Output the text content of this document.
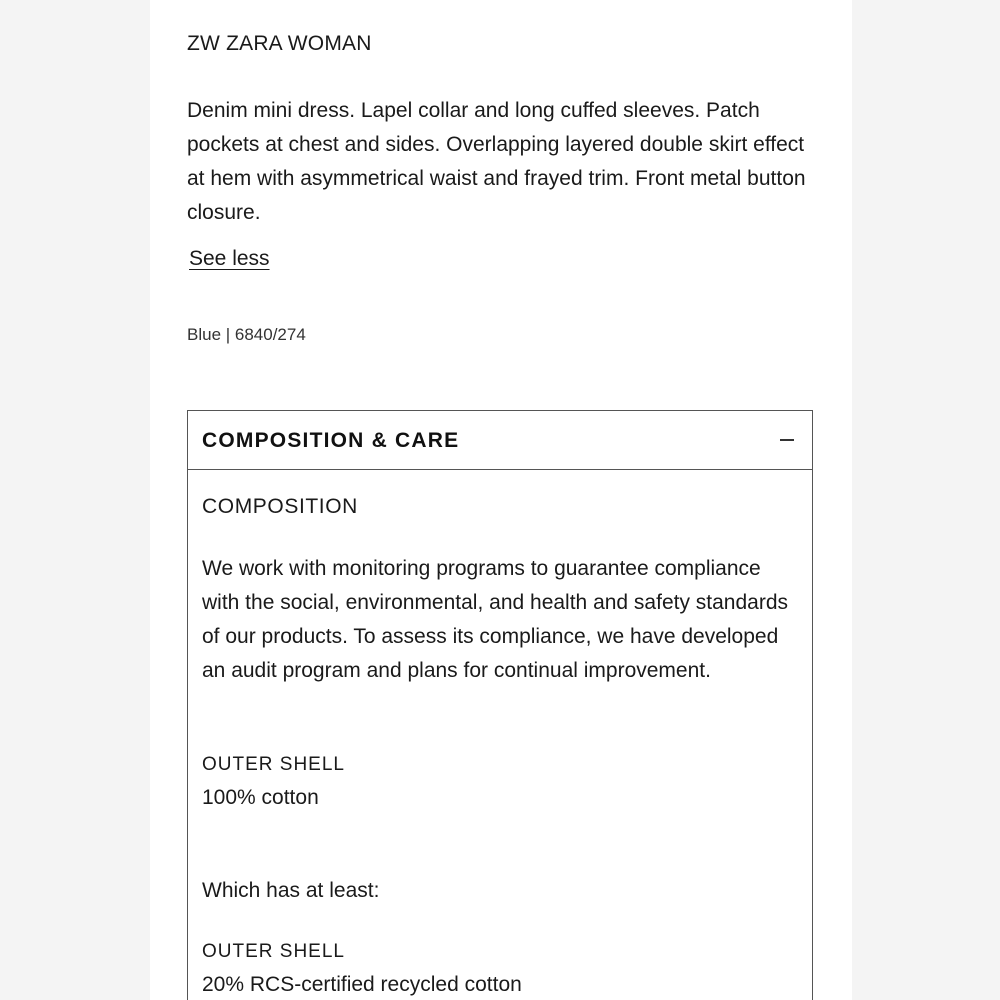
ZW ZARA WOMAN

Denim mini dress. Lapel collar and long cuffed sleeves. Patch pockets at chest and sides. Overlapping layered double skirt effect at hem with asymmetrical waist and frayed trim. Front metal button closure.

See less
Blue | 6840/274
COMPOSITION & CARE
COMPOSITION

We work with monitoring programs to guarantee compliance with the social, environmental, and health and safety standards of our products. To assess its compliance, we have developed an audit program and plans for continual improvement.

OUTER SHELL
100% cotton
Which has at least:
OUTER SHELL
20% RCS-certified recycled cotton
